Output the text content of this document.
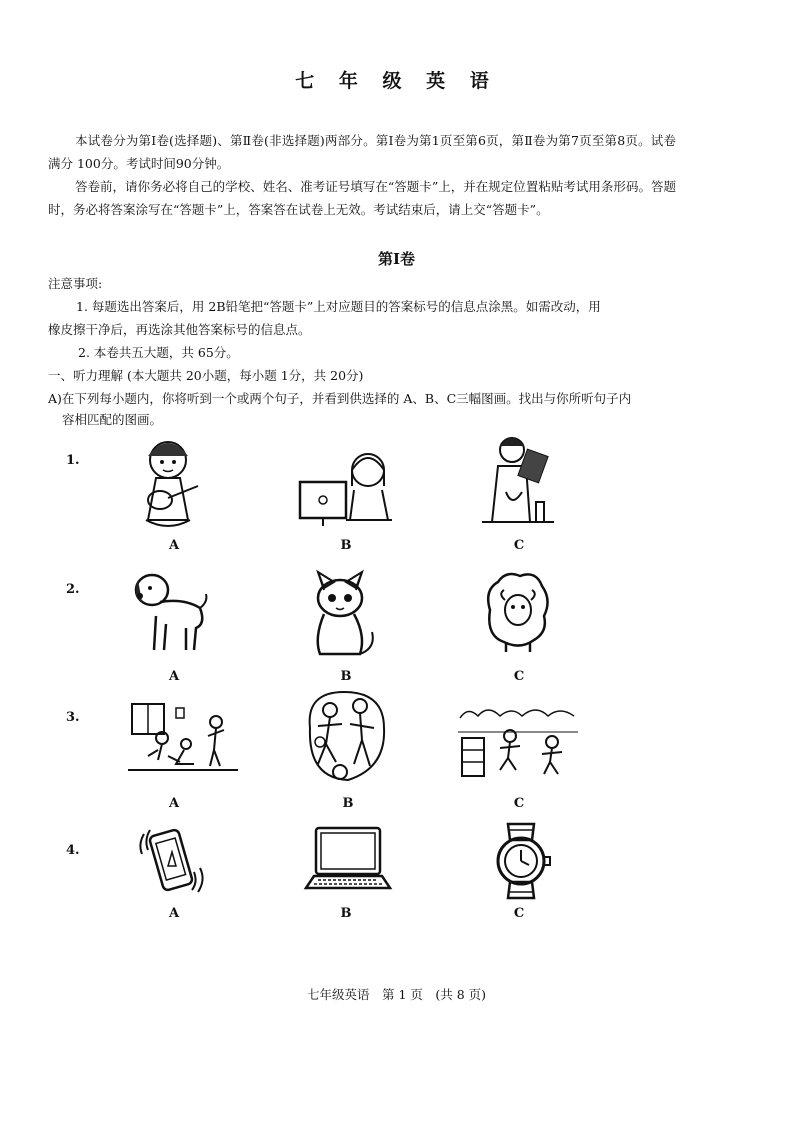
七 年 级 英 语
本试卷分为第Ⅰ卷(选择题)、第Ⅱ卷(非选择题)两部分。第Ⅰ卷为第1页至第6页，第Ⅱ卷为第7页至第8页。试卷满分 100分。考试时间90分钟。
答卷前，请你务必将自己的学校、姓名、准考证号填写在“答题卡”上，并在规定位置粘贴考试用条形码。答题时，务必将答案涂写在“答题卡”上，答案答在试卷上无效。考试结束后，请上交“答题卡”。
第Ⅰ卷
注意事项:
1. 每题选出答案后，用 2B铅笔把“答题卡”上对应题目的答案标号的信息点涂黑。如需改动，用
橡皮擦干净后，再选涂其他答案标号的信息点。
2. 本卷共五大题，共 65分。
一、听力理解 (本大题共 20小题，每小题 1分，共 20分)
A)在下列每小题内，你将听到一个或两个句子，并看到供选择的 A、B、C三幅图画。找出与你所听句子内
容相匹配的图画。
1.
A	B	C
2.
A	B	C
3.
A	B	C
4.
A	B	C
七年级英语　第 1 页　(共 8 页)
